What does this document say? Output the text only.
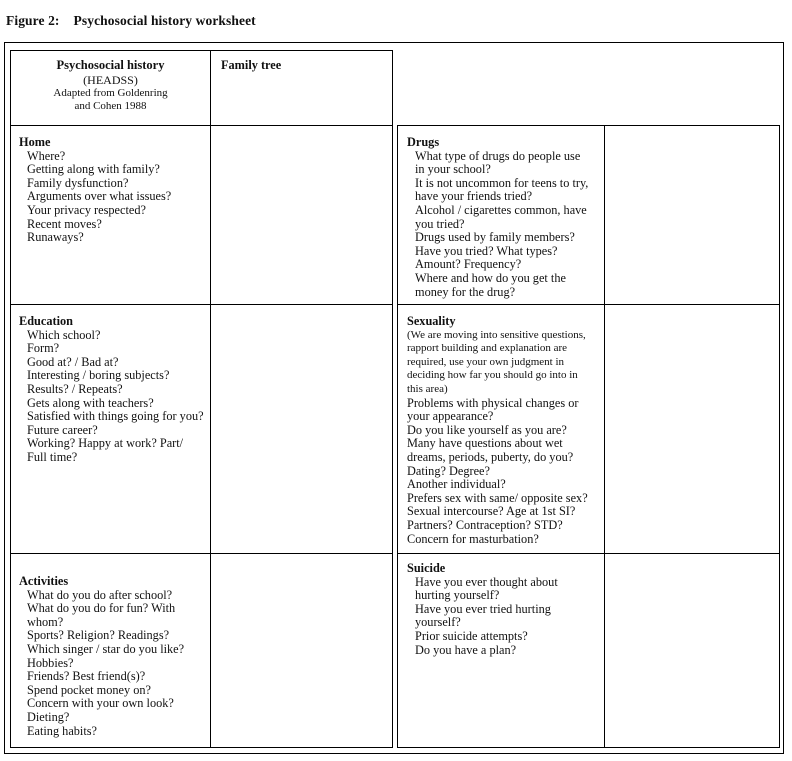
Figure 2: Psychosocial history worksheet
Psychosocial history
(HEADSS)
Adapted from Goldenring
and Cohen 1988
Family tree
Home
Where?
Getting along with family?
Family dysfunction?
Arguments over what issues?
Your privacy respected?
Recent moves?
Runaways?
Education
Which school?
Form?
Good at? / Bad at?
Interesting / boring subjects?
Results? / Repeats?
Gets along with teachers?
Satisfied with things going for you?
Future career?
Working? Happy at work? Part/
Full time?
Activities
What do you do after school?
What do you do for fun? With
whom?
Sports? Religion? Readings?
Which singer / star do you like?
Hobbies?
Friends? Best friend(s)?
Spend pocket money on?
Concern with your own look?
Dieting?
Eating habits?
Drugs
What type of drugs do people use
in your school?
It is not uncommon for teens to try,
have your friends tried?
Alcohol / cigarettes common, have
you tried?
Drugs used by family members?
Have you tried? What types?
Amount? Frequency?
Where and how do you get the
money for the drug?
Sexuality
(We are moving into sensitive questions,
rapport building and explanation are
required, use your own judgment in
deciding how far you should go into in
this area)
Problems with physical changes or
your appearance?
Do you like yourself as you are?
Many have questions about wet
dreams, periods, puberty, do you?
Dating? Degree?
Another individual?
Prefers sex with same/ opposite sex?
Sexual intercourse? Age at 1st SI?
Partners? Contraception? STD?
Concern for masturbation?
Suicide
Have you ever thought about
hurting yourself?
Have you ever tried hurting
yourself?
Prior suicide attempts?
Do you have a plan?
